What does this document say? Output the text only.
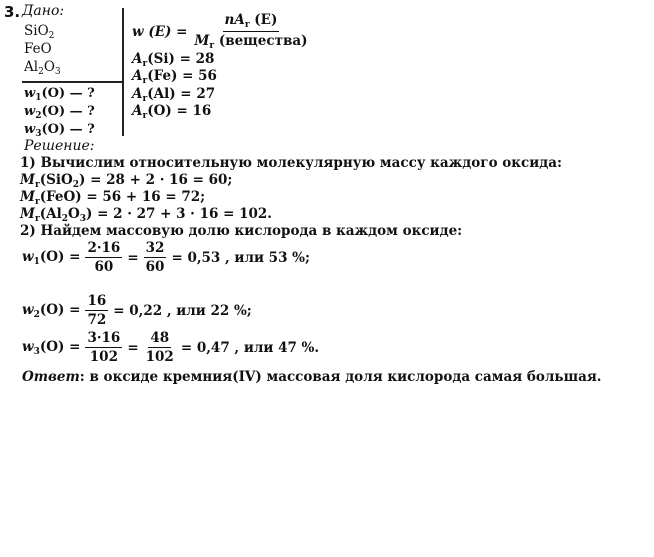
3. Дано:
SiO$_2$
FeO
$Al_2O_3$
$w_1(O)$ — ?
$w_2(O)$ — ?
$w_3(O)$ — ?
w $(E) = \frac{nA_r (E)}{M_r (вещества)}$
$A_r(Si) = 28$
$A_r(Fe) = 56$
$A_r(Al) = 27$
$A_r(O) = 16$
Решение:
1) Вычислим относительную молекулярную массу каждого оксида:
$M_r(SiO_2) = 28 + 2 \cdot 16 = 60$;
$M_r(FeO) = 56 + 16 = 72$;
$M_r(Al_2O_3) = 2 \cdot 27 + 3 \cdot 16 = 102$.
2) Найдем массовую долю кислорода в каждом оксиде:
$w_1(O) = \frac{2\cdot 16}{60} = \frac{32}{60} = 0,53$ , или 53 %;
$w_2(O) = \frac{16}{72} = 0,22$ , или 22 %;
$w_3(O) = \frac{3\cdot 16}{102} = \frac{48}{102} = 0,47$ , или 47 %.
Ответ: в оксиде кремния(IV) массовая доля кислорода самая большая.
